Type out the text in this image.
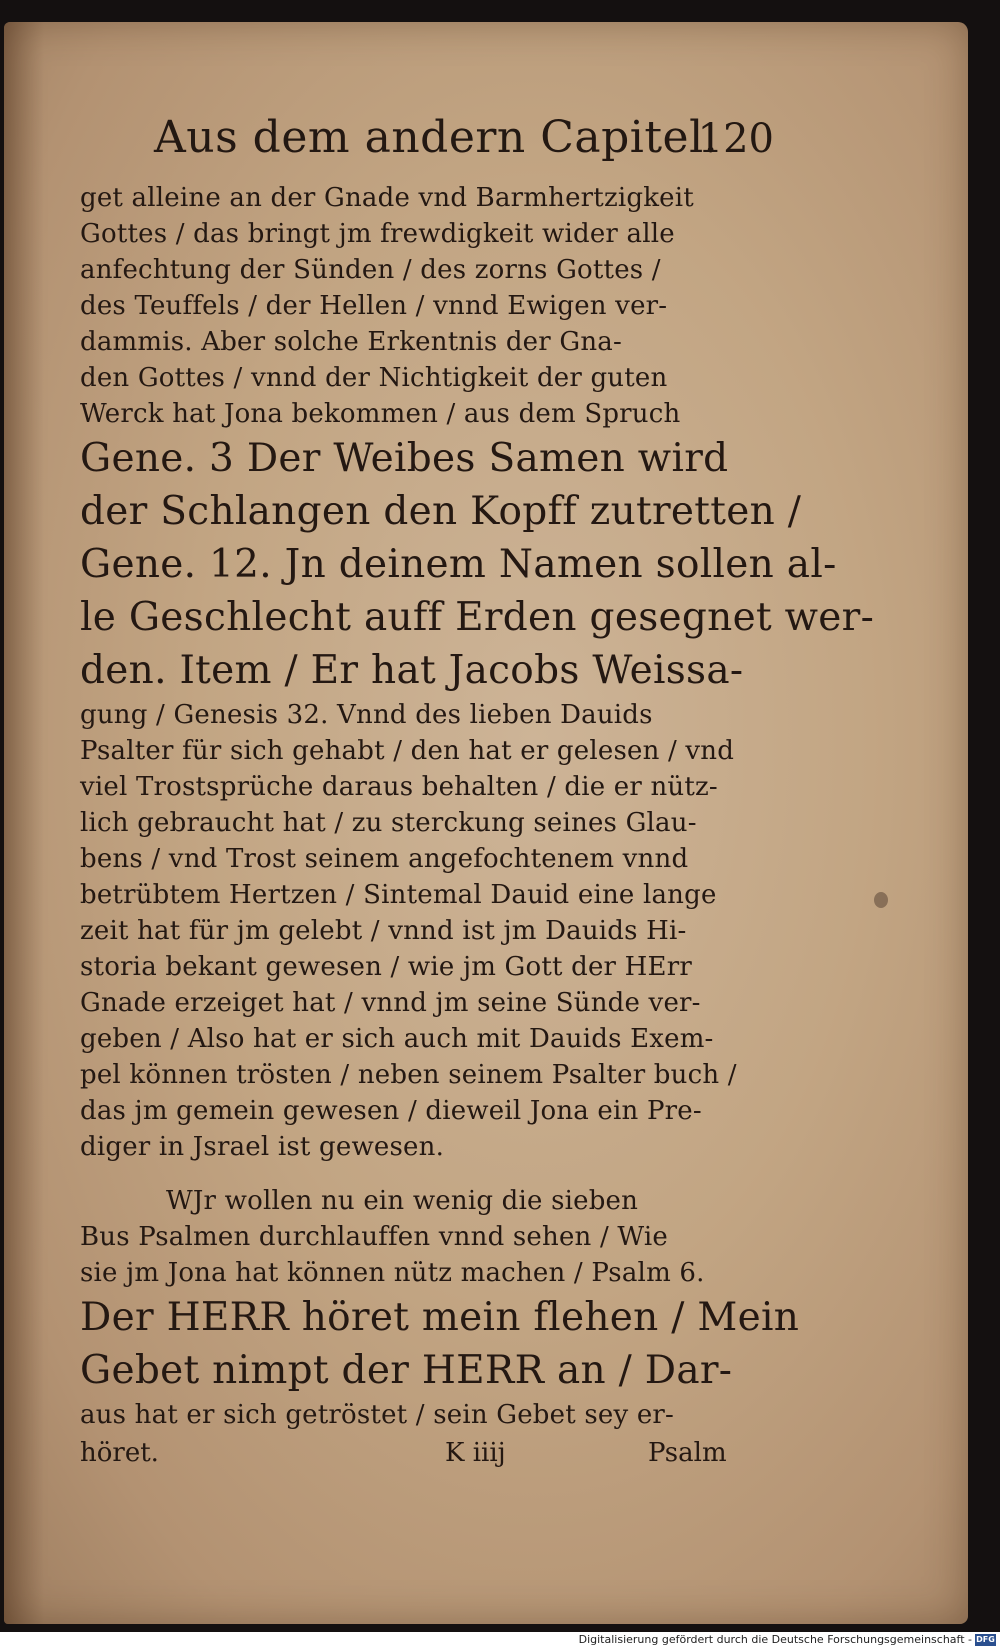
Aus dem andern Capitel.
120
get alleine an der Gnade vnd Barmhertzigkeit
Gottes / das bringt jm frewdigkeit wider alle
anfechtung der Sünden / des zorns Gottes /
des Teuffels / der Hellen / vnnd Ewigen ver-
dammis. Aber solche Erkentnis der Gna-
den Gottes / vnnd der Nichtigkeit der guten
Werck hat Jona bekommen / aus dem Spruch
Gene. 3 Der Weibes Samen wird
der Schlangen den Kopff zutretten /
Gene. 12. Jn deinem Namen sollen al-
le Geschlecht auff Erden gesegnet wer-
den. Item / Er hat Jacobs Weissa-
gung / Genesis 32. Vnnd des lieben Dauids
Psalter für sich gehabt / den hat er gelesen / vnd
viel Trostsprüche daraus behalten / die er nütz-
lich gebraucht hat / zu sterckung seines Glau-
bens / vnd Trost seinem angefochtenem vnnd
betrübtem Hertzen / Sintemal Dauid eine lange
zeit hat für jm gelebt / vnnd ist jm Dauids Hi-
storia bekant gewesen / wie jm Gott der HErr
Gnade erzeiget hat / vnnd jm seine Sünde ver-
geben / Also hat er sich auch mit Dauids Exem-
pel können trösten / neben seinem Psalter buch /
das jm gemein gewesen / dieweil Jona ein Pre-
diger in Jsrael ist gewesen.
WJr wollen nu ein wenig die sieben
Bus Psalmen durchlauffen vnnd sehen / Wie
sie jm Jona hat können nütz machen / Psalm 6.
Der HERR höret mein flehen / Mein
Gebet nimpt der HERR an / Dar-
aus hat er sich getröstet / sein Gebet sey er-
höret.	K iiij	Psalm
Digitalisierung gefördert durch die Deutsche Forschungsgemeinschaft - DFG
